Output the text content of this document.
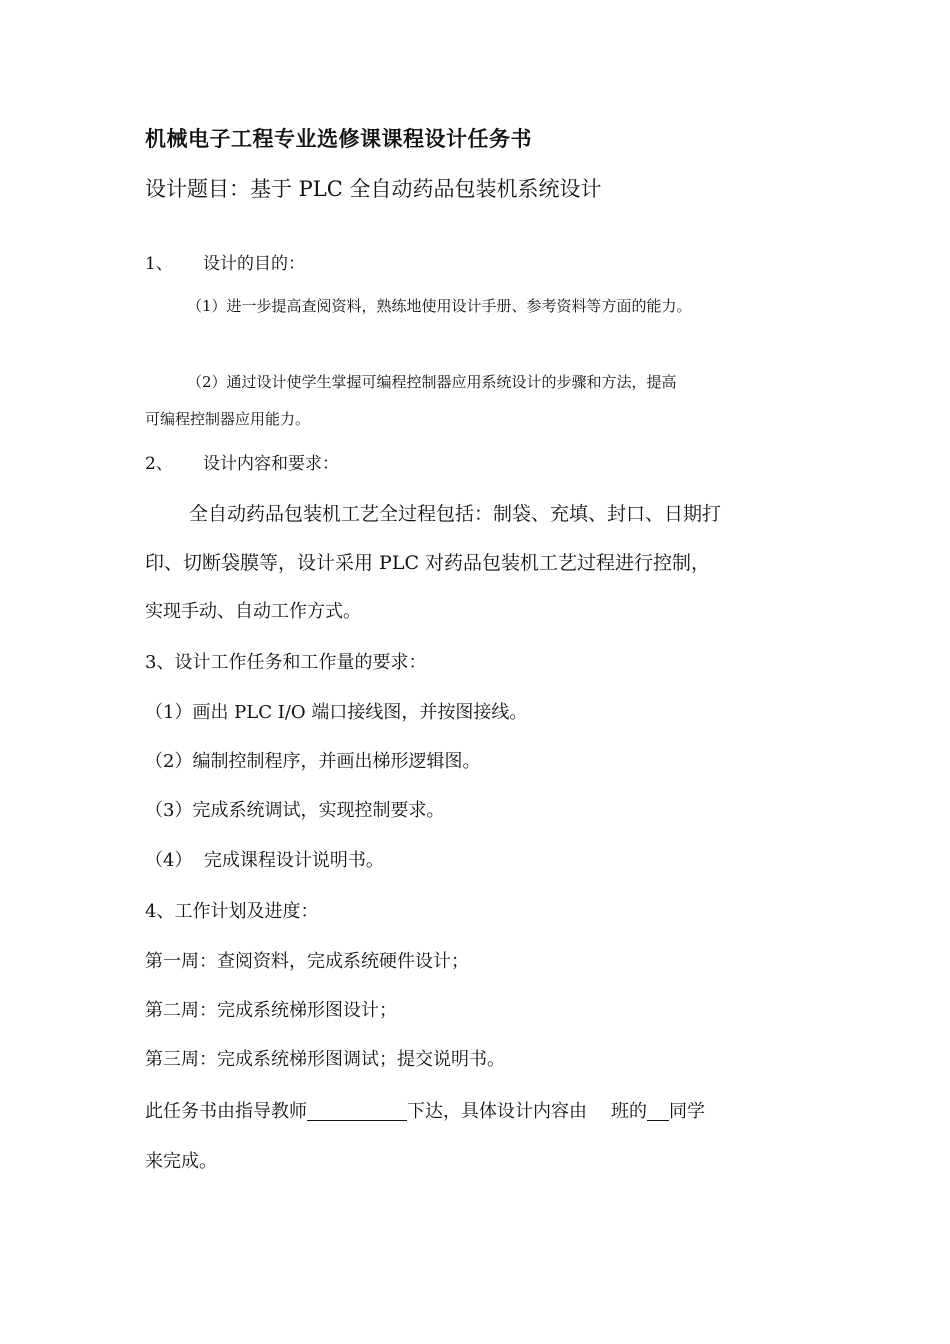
机械电子工程专业选修课课程设计任务书
设计题目：基于 PLC 全自动药品包装机系统设计
1、 设计的目的：
（1）进一步提高查阅资料，熟练地使用设计手册、参考资料等方面的能力。
（2）通过设计使学生掌握可编程控制器应用系统设计的步骤和方法，提高
可编程控制器应用能力。
2、 设计内容和要求：
全自动药品包装机工艺全过程包括：制袋、充填、封口、日期打
印、切断袋膜等，设计采用 PLC 对药品包装机工艺过程进行控制，
实现手动、自动工作方式。
3、设计工作任务和工作量的要求：
（1）画出 PLC I/O 端口接线图，并按图接线。
（2）编制控制程序，并画出梯形逻辑图。
（3）完成系统调试，实现控制要求。
（4）  完成课程设计说明书。
4、工作计划及进度：
第一周：查阅资料，完成系统硬件设计；
第二周：完成系统梯形图设计；
第三周：完成系统梯形图调试；提交说明书。
此任务书由指导教师	下达，具体设计内容由 班的 同学
来完成。
